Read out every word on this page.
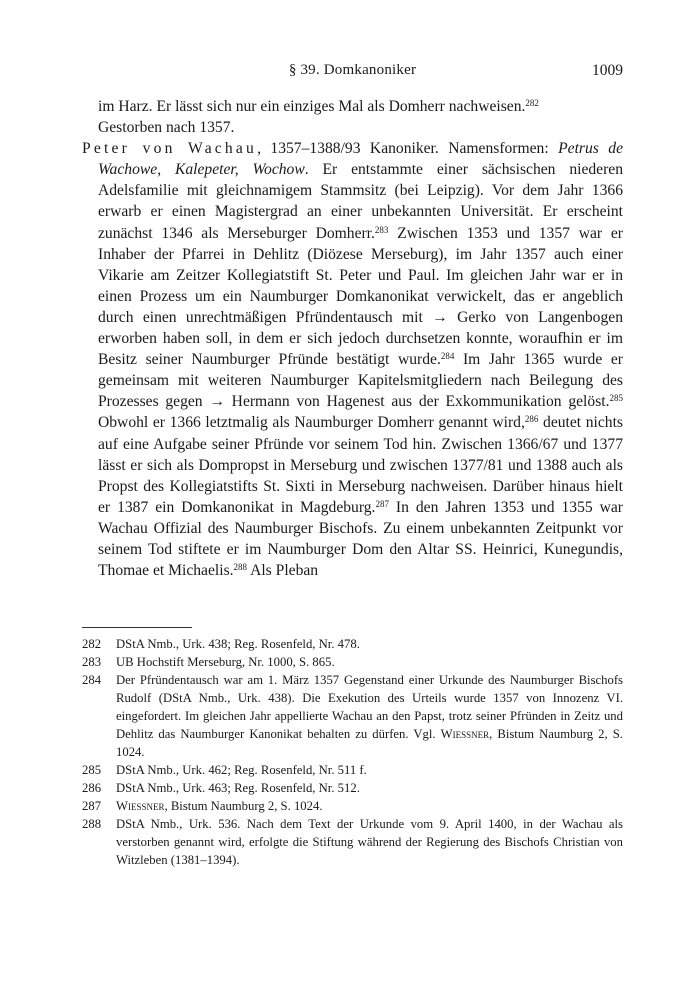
§ 39. Domkanoniker	1009

im Harz. Er lässt sich nur ein einziges Mal als Domherr nachweisen.$^{282}$
Gestorben nach 1357.

Peter von Wachau, 1357–1388/93 Kanoniker. Namensformen: Petrus de Wachowe, Kalepeter, Wochow. Er entstammte einer sächsischen niederen Adelsfamilie mit gleichnamigem Stammsitz (bei Leipzig). Vor dem Jahr 1366 erwarb er einen Magistergrad an einer unbekannten Universität. Er erscheint zunächst 1346 als Merseburger Domherr.$^{283}$ Zwischen 1353 und 1357 war er Inhaber der Pfarrei in Dehlitz (Diözese Merseburg), im Jahr 1357 auch einer Vikarie am Zeitzer Kollegiatstift St. Peter und Paul. Im gleichen Jahr war er in einen Prozess um ein Naumburger Domkanonikat verwickelt, das er angeblich durch einen unrechtmäßigen Pfründentausch mit → Gerko von Langenbogen erworben haben soll, in dem er sich jedoch durchsetzen konnte, woraufhin er im Besitz seiner Naumburger Pfründe bestätigt wurde.$^{284}$ Im Jahr 1365 wurde er gemeinsam mit weiteren Naumburger Kapitelsmitgliedern nach Beilegung des Prozesses gegen → Hermann von Hagenest aus der Exkommunikation gelöst.$^{285}$ Obwohl er 1366 letztmalig als Naumburger Domherr genannt wird,$^{286}$ deutet nichts auf eine Aufgabe seiner Pfründe vor seinem Tod hin. Zwischen 1366/67 und 1377 lässt er sich als Dompropst in Merseburg und zwischen 1377/81 und 1388 auch als Propst des Kollegiatstifts St. Sixti in Merseburg nachweisen. Darüber hinaus hielt er 1387 ein Domkanonikat in Magdeburg.$^{287}$ In den Jahren 1353 und 1355 war Wachau Offizial des Naumburger Bischofs. Zu einem unbekannten Zeitpunkt vor seinem Tod stiftete er im Naumburger Dom den Altar SS. Heinrici, Kunegundis, Thomae et Michaelis.$^{288}$ Als Pleban

282 DStA Nmb., Urk. 438; Reg. Rosenfeld, Nr. 478.
283 UB Hochstift Merseburg, Nr. 1000, S. 865.
284 Der Pfründentausch war am 1. März 1357 Gegenstand einer Urkunde des Naumburger Bischofs Rudolf (DStA Nmb., Urk. 438). Die Exekution des Urteils wurde 1357 von Innozenz VI. eingefordert. Im gleichen Jahr appellierte Wachau an den Papst, trotz seiner Pfründen in Zeitz und Dehlitz das Naumburger Kanonikat behalten zu dürfen. Vgl. Wiessner, Bistum Naumburg 2, S. 1024.
285 DStA Nmb., Urk. 462; Reg. Rosenfeld, Nr. 511 f.
286 DStA Nmb., Urk. 463; Reg. Rosenfeld, Nr. 512.
287 Wiessner, Bistum Naumburg 2, S. 1024.
288 DStA Nmb., Urk. 536. Nach dem Text der Urkunde vom 9. April 1400, in der Wachau als verstorben genannt wird, erfolgte die Stiftung während der Regierung des Bischofs Christian von Witzleben (1381–1394).
